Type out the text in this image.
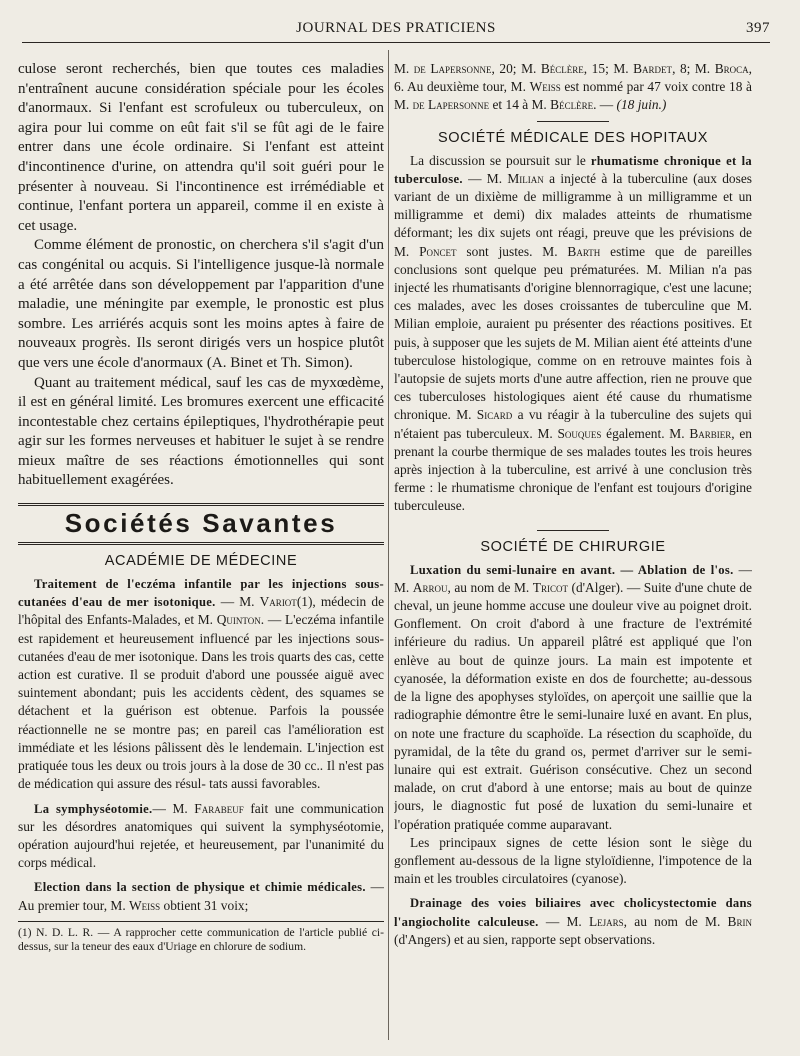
JOURNAL DES PRATICIENS	397

culose seront recherchés, bien que toutes ces maladies n'entraînent aucune considération spéciale pour les écoles d'anormaux. Si l'enfant est scrofuleux ou tuberculeux, on agira pour lui comme on eût fait s'il se fût agi de le faire entrer dans une école ordinaire. Si l'enfant est atteint d'incontinence d'urine, on attendra qu'il soit guéri pour le présenter à nouveau. Si l'incontinence est irrémédiable et continue, l'enfant portera un appareil, comme il en existe à cet usage.

Comme élément de pronostic, on cherchera s'il s'agit d'un cas congénital ou acquis. Si l'intelligence jusque-là normale a été arrêtée dans son développement par l'apparition d'une maladie, une méningite par exemple, le pronostic est plus sombre. Les arriérés acquis sont les moins aptes à faire de nouveaux progrès. Ils seront dirigés vers un hospice plutôt que vers une école d'anormaux (A. Binet et Th. Simon).

Quant au traitement médical, sauf les cas de myxœdème, il est en général limité. Les bromures exercent une efficacité incontestable chez certains épileptiques, l'hydrothérapie peut agir sur les formes nerveuses et habituer le sujet à se rendre mieux maître de ses réactions émotionnelles qui sont habituellement exagérées.

Sociétés Savantes
ACADÉMIE DE MÉDECINE

Traitement de l'eczéma infantile par les injections sous-cutanées d'eau de mer isotonique. — M. Variot(1), médecin de l'hôpital des Enfants-Malades, et M. Quinton. — L'eczéma infantile est rapidement et heureusement influencé par les injections sous-cutanées d'eau de mer isotonique. Dans les trois quarts des cas, cette action est curative. Il se produit d'abord une poussée aiguë avec suintement abondant; puis les accidents cèdent, des squames se détachent et la guérison est obtenue. Parfois la poussée réactionnelle ne se montre pas; en pareil cas l'amélioration est immédiate et les lésions pâlissent dès le lendemain. L'injection est pratiquée tous les deux ou trois jours à la dose de 30 cc.. Il n'est pas de médication qui assure des résul- tats aussi favorables.

La symphyséotomie.— M. Farabeuf fait une communication sur les désordres anatomiques qui suivent la symphyséotomie, opération aujourd'hui rejetée, et heureusement, par l'unanimité du corps médical.

Election dans la section de physique et chimie médicales. — Au premier tour, M. Weiss obtient 31 voix;

(1) N. D. L. R. — A rapprocher cette communication de l'article publié ci-dessus, sur la teneur des eaux d'Uriage en chlorure de sodium.

M. de Lapersonne, 20; M. Béclère, 15; M. Bardet, 8; M. Broca, 6. Au deuxième tour, M. Weiss est nommé par 47 voix contre 18 à M. de Lapersonne et 14 à M. Béclère. — (18 juin.)

SOCIÉTÉ MÉDICALE DES HOPITAUX

La discussion se poursuit sur le rhumatisme chronique et la tuberculose. — M. Milian a injecté à la tuberculine (aux doses variant de un dixième de milligramme à un milligramme et un milligramme et demi) dix malades atteints de rhumatisme déformant; les dix sujets ont réagi, preuve que les prévisions de M. Poncet sont justes. M. Barth estime que de pareilles conclusions sont quelque peu prématurées. M. Milian n'a pas injecté les rhumatisants d'origine blennorragique, c'est une lacune; ces malades, avec les doses croissantes de tuberculine que M. Milian emploie, auraient pu présenter des réactions positives. Et puis, à supposer que les sujets de M. Milian aient été atteints d'une tuberculose histologique, comme on en retrouve maintes fois à l'autopsie de sujets morts d'une autre affection, rien ne prouve que ces tuberculoses histologiques aient été cause du rhumatisme chronique. M. Sicard a vu réagir à la tuberculine des sujets qui n'étaient pas tuberculeux. M. Souques également. M. Barbier, en prenant la courbe thermique de ses malades toutes les trois heures après injection à la tuberculine, est arrivé à une conclusion très ferme : le rhumatisme chronique de l'enfant est toujours d'origine tuberculeuse.

SOCIÉTÉ DE CHIRURGIE

Luxation du semi-lunaire en avant. — Ablation de l'os. — M. Arrou, au nom de M. Tricot (d'Alger). — Suite d'une chute de cheval, un jeune homme accuse une douleur vive au poignet droit. Gonflement. On croit d'abord à une fracture de l'extrémité inférieure du radius. Un appareil plâtré est appliqué que l'on enlève au bout de quinze jours. La main est impotente et cyanosée, la déformation existe en dos de fourchette; au-dessous de la ligne des apophyses styloïdes, on aperçoit une saillie que la radiographie démontre être le semi-lunaire luxé en avant. En plus, on note une fracture du scaphoïde. La résection du scaphoïde, du pyramidal, de la tête du grand os, permet d'arriver sur le semi-lunaire qui est extrait. Guérison consécutive. Chez un second malade, on crut d'abord à une entorse; mais au bout de quinze jours, le diagnostic fut posé de luxation du semi-lunaire et l'opération pratiquée comme auparavant.

Les principaux signes de cette lésion sont le siège du gonflement au-dessous de la ligne styloïdienne, l'impotence de la main et les troubles circulatoires (cyanose).

Drainage des voies biliaires avec cholicystectomie dans l'angiocholite calculeuse. — M. Lejars, au nom de M. Brin (d'Angers) et au sien, rapporte sept observations.
